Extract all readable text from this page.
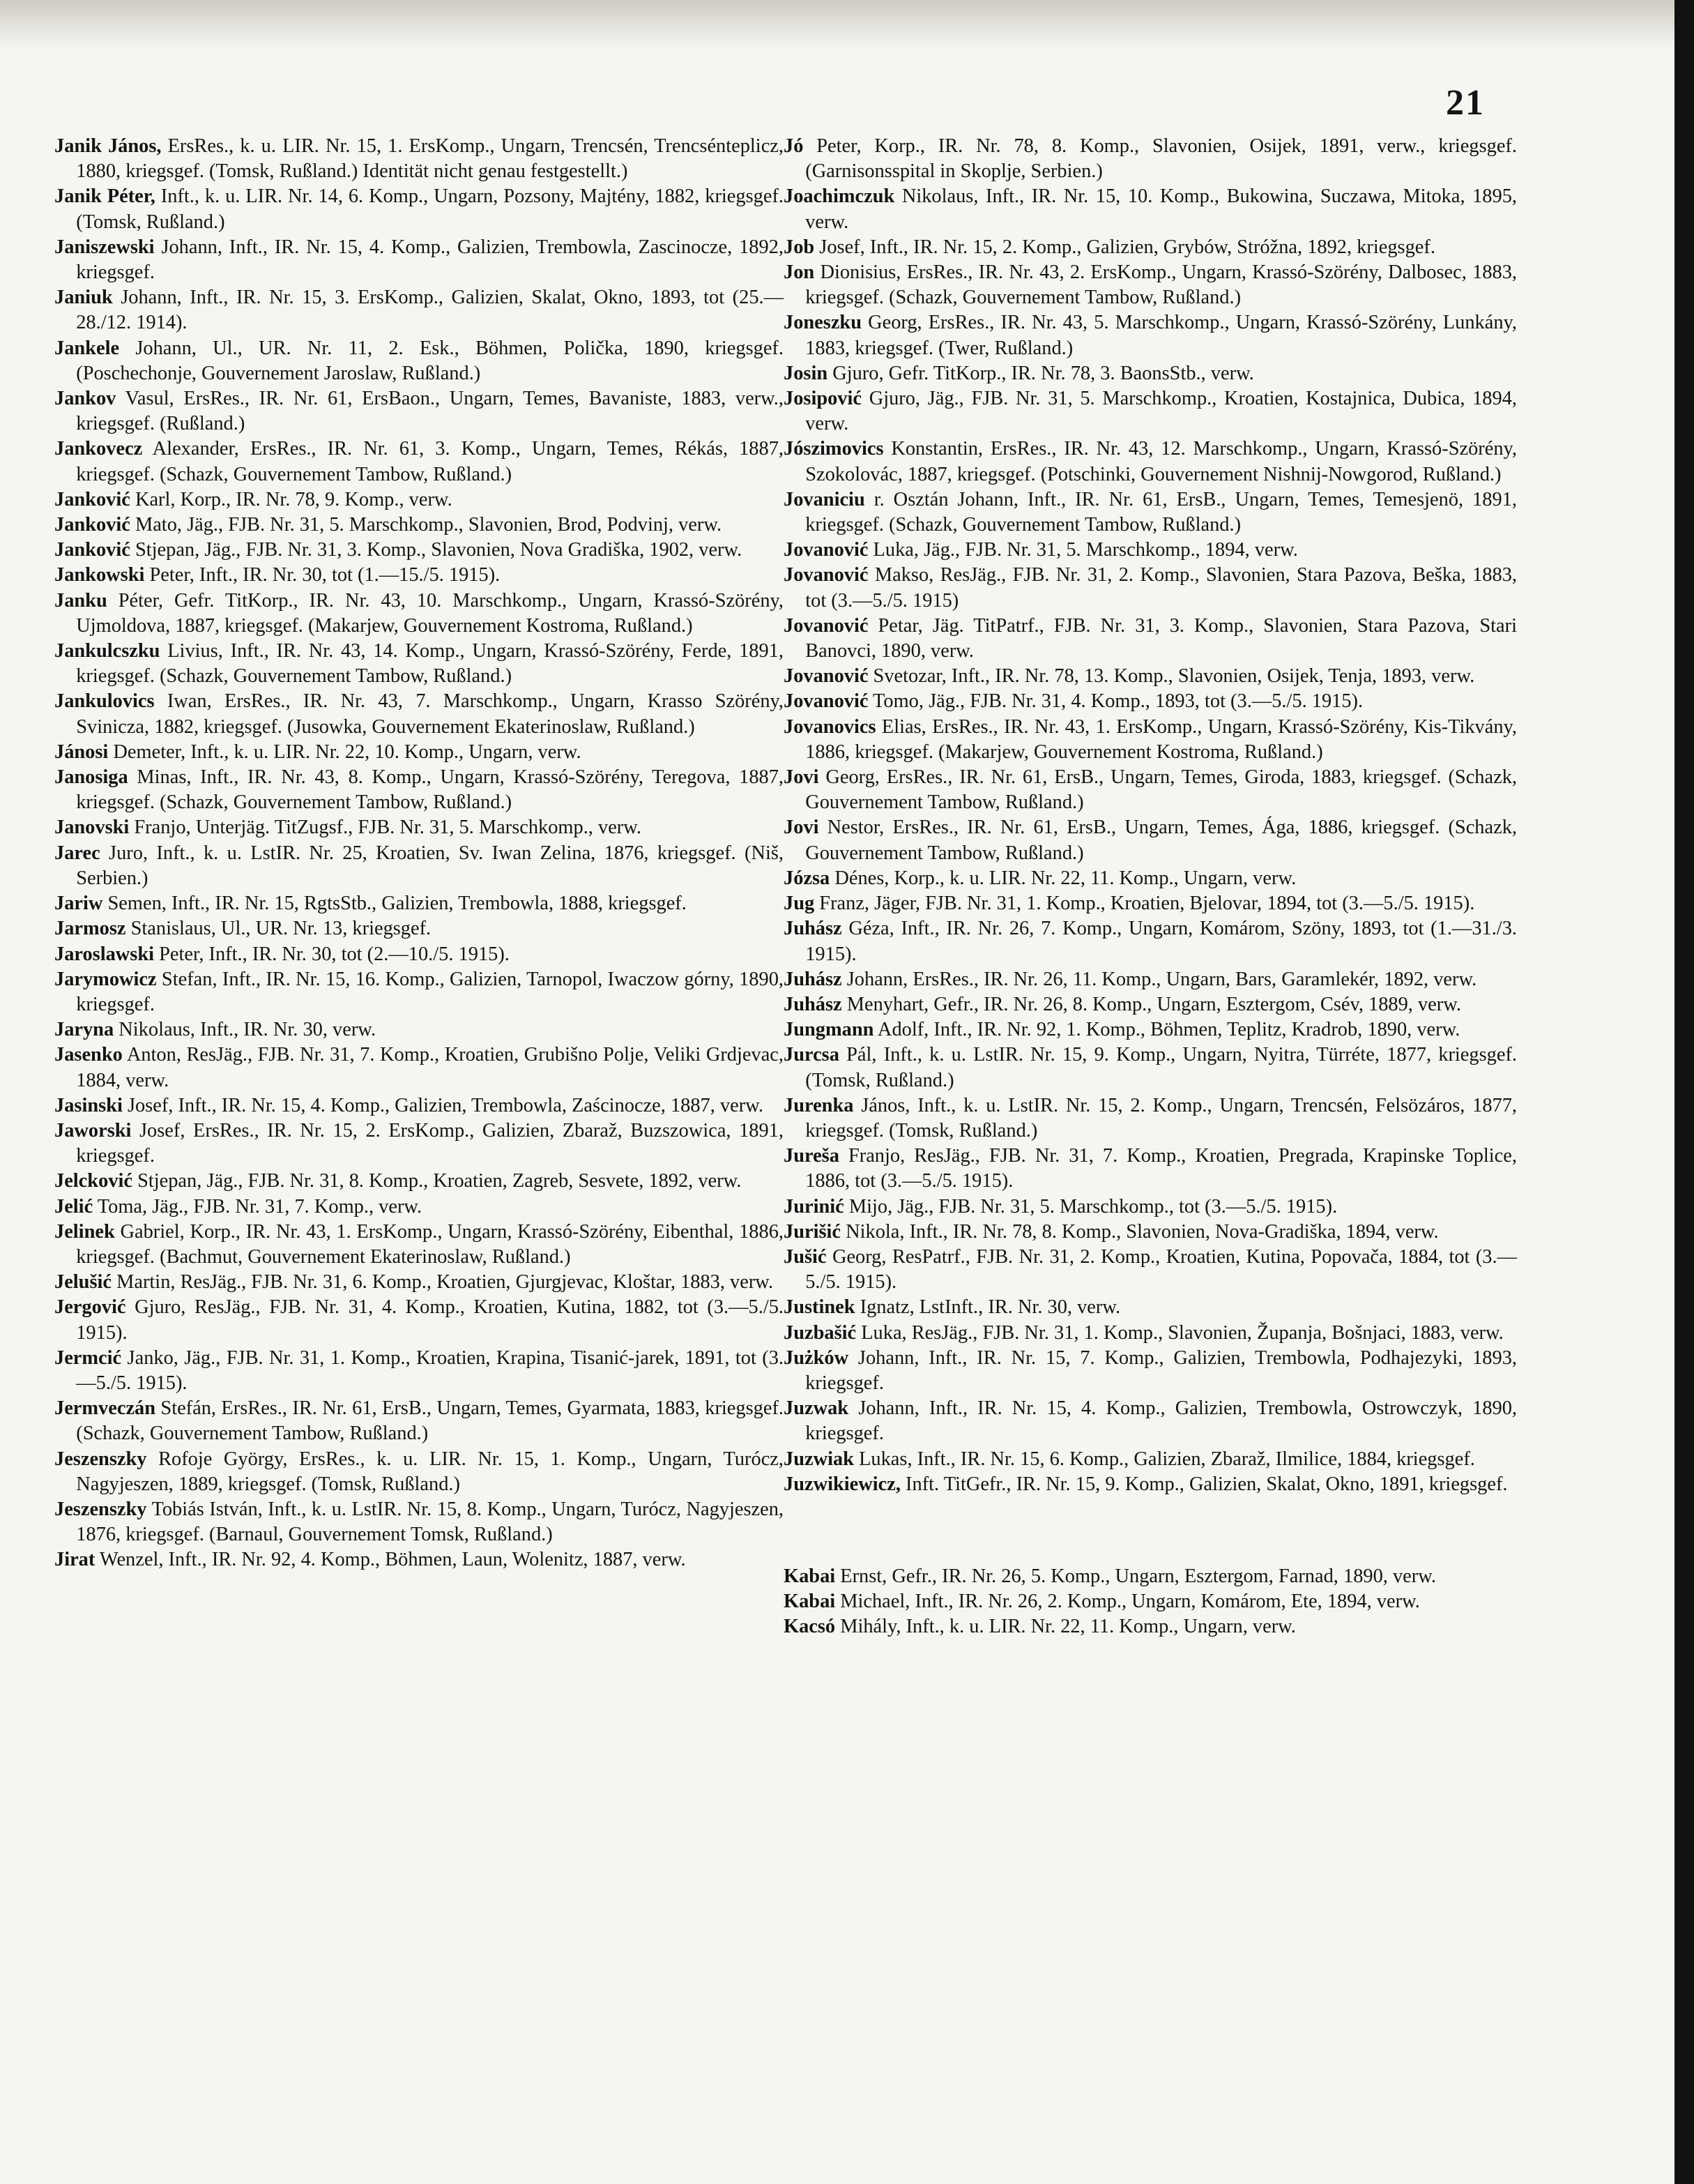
21

Janik János, ErsRes., k. u. LIR. Nr. 15, 1. ErsKomp., Ungarn, Trencsén, Trencsénteplicz, 1880, kriegsgef. (Tomsk, Rußland.) Identität nicht genau festgestellt.)

Janik Péter, Inft., k. u. LIR. Nr. 14, 6. Komp., Ungarn, Pozsony, Majtény, 1882, kriegsgef. (Tomsk, Rußland.)

Janiszewski Johann, Inft., IR. Nr. 15, 4. Komp., Galizien, Trembowla, Zascinocze, 1892, kriegsgef.

Janiuk Johann, Inft., IR. Nr. 15, 3. ErsKomp., Galizien, Skalat, Okno, 1893, tot (25.—28./12. 1914).

Jankele Johann, Ul., UR. Nr. 11, 2. Esk., Böhmen, Polička, 1890, kriegsgef. (Poschechonje, Gouvernement Jaroslaw, Rußland.)

Jankov Vasul, ErsRes., IR. Nr. 61, ErsBaon., Ungarn, Temes, Bavaniste, 1883, verw., kriegsgef. (Rußland.)

Jankovecz Alexander, ErsRes., IR. Nr. 61, 3. Komp., Ungarn, Temes, Rékás, 1887, kriegsgef. (Schazk, Gouvernement Tambow, Rußland.)

Janković Karl, Korp., IR. Nr. 78, 9. Komp., verw.

Janković Mato, Jäg., FJB. Nr. 31, 5. Marschkomp., Slavonien, Brod, Podvinj, verw.

Janković Stjepan, Jäg., FJB. Nr. 31, 3. Komp., Slavonien, Nova Gradiška, 1902, verw.

Jankowski Peter, Inft., IR. Nr. 30, tot (1.—15./5. 1915).

Janku Péter, Gefr. TitKorp., IR. Nr. 43, 10. Marschkomp., Ungarn, Krassó-Szörény, Ujmoldova, 1887, kriegsgef. (Makarjew, Gouvernement Kostroma, Rußland.)

Jankulcszku Livius, Inft., IR. Nr. 43, 14. Komp., Ungarn, Krassó-Szörény, Ferde, 1891, kriegsgef. (Schazk, Gouvernement Tambow, Rußland.)

Jankulovics Iwan, ErsRes., IR. Nr. 43, 7. Marschkomp., Ungarn, Krasso Szörény, Svinicza, 1882, kriegsgef. (Jusowka, Gouvernement Ekaterinoslaw, Rußland.)

Jánosi Demeter, Inft., k. u. LIR. Nr. 22, 10. Komp., Ungarn, verw.

Janosiga Minas, Inft., IR. Nr. 43, 8. Komp., Ungarn, Krassó-Szörény, Teregova, 1887, kriegsgef. (Schazk, Gouvernement Tambow, Rußland.)

Janovski Franjo, Unterjäg. TitZugsf., FJB. Nr. 31, 5. Marschkomp., verw.

Jarec Juro, Inft., k. u. LstIR. Nr. 25, Kroatien, Sv. Iwan Zelina, 1876, kriegsgef. (Niš, Serbien.)

Jariw Semen, Inft., IR. Nr. 15, RgtsStb., Galizien, Trembowla, 1888, kriegsgef.

Jarmosz Stanislaus, Ul., UR. Nr. 13, kriegsgef.

Jaroslawski Peter, Inft., IR. Nr. 30, tot (2.—10./5. 1915).

Jarymowicz Stefan, Inft., IR. Nr. 15, 16. Komp., Galizien, Tarnopol, Iwaczow górny, 1890, kriegsgef.

Jaryna Nikolaus, Inft., IR. Nr. 30, verw.

Jasenko Anton, ResJäg., FJB. Nr. 31, 7. Komp., Kroatien, Grubišno Polje, Veliki Grdjevac, 1884, verw.

Jasinski Josef, Inft., IR. Nr. 15, 4. Komp., Galizien, Trembowla, Zaścinocze, 1887, verw.

Jaworski Josef, ErsRes., IR. Nr. 15, 2. ErsKomp., Galizien, Zbaraž, Buzszowica, 1891, kriegsgef.

Jelcković Stjepan, Jäg., FJB. Nr. 31, 8. Komp., Kroatien, Zagreb, Sesvete, 1892, verw.

Jelić Toma, Jäg., FJB. Nr. 31, 7. Komp., verw.

Jelinek Gabriel, Korp., IR. Nr. 43, 1. ErsKomp., Ungarn, Krassó-Szörény, Eibenthal, 1886, kriegsgef. (Bachmut, Gouvernement Ekaterinoslaw, Rußland.)

Jelušić Martin, ResJäg., FJB. Nr. 31, 6. Komp., Kroatien, Gjurgjevac, Kloštar, 1883, verw.

Jergović Gjuro, ResJäg., FJB. Nr. 31, 4. Komp., Kroatien, Kutina, 1882, tot (3.—5./5. 1915).

Jermcić Janko, Jäg., FJB. Nr. 31, 1. Komp., Kroatien, Krapina, Tisanić-jarek, 1891, tot (3.—5./5. 1915).

Jermveczán Stefán, ErsRes., IR. Nr. 61, ErsB., Ungarn, Temes, Gyarmata, 1883, kriegsgef. (Schazk, Gouvernement Tambow, Rußland.)

Jeszenszky Rofoje György, ErsRes., k. u. LIR. Nr. 15, 1. Komp., Ungarn, Turócz, Nagyjeszen, 1889, kriegsgef. (Tomsk, Rußland.)

Jeszenszky Tobiás István, Inft., k. u. LstIR. Nr. 15, 8. Komp., Ungarn, Turócz, Nagyjeszen, 1876, kriegsgef. (Barnaul, Gouvernement Tomsk, Rußland.)

Jirat Wenzel, Inft., IR. Nr. 92, 4. Komp., Böhmen, Laun, Wolenitz, 1887, verw.

Jó Peter, Korp., IR. Nr. 78, 8. Komp., Slavonien, Osijek, 1891, verw., kriegsgef. (Garnisonsspital in Skoplje, Serbien.)

Joachimczuk Nikolaus, Inft., IR. Nr. 15, 10. Komp., Bukowina, Suczawa, Mitoka, 1895, verw.

Job Josef, Inft., IR. Nr. 15, 2. Komp., Galizien, Grybów, Stróžna, 1892, kriegsgef.

Jon Dionisius, ErsRes., IR. Nr. 43, 2. ErsKomp., Ungarn, Krassó-Szörény, Dalbosec, 1883, kriegsgef. (Schazk, Gouvernement Tambow, Rußland.)

Joneszku Georg, ErsRes., IR. Nr. 43, 5. Marschkomp., Ungarn, Krassó-Szörény, Lunkány, 1883, kriegsgef. (Twer, Rußland.)

Josin Gjuro, Gefr. TitKorp., IR. Nr. 78, 3. BaonsStb., verw.

Josipović Gjuro, Jäg., FJB. Nr. 31, 5. Marschkomp., Kroatien, Kostajnica, Dubica, 1894, verw.

Jószimovics Konstantin, ErsRes., IR. Nr. 43, 12. Marschkomp., Ungarn, Krassó-Szörény, Szokolovác, 1887, kriegsgef. (Potschinki, Gouvernement Nishnij-Nowgorod, Rußland.)

Jovaniciu r. Osztán Johann, Inft., IR. Nr. 61, ErsB., Ungarn, Temes, Temesjenö, 1891, kriegsgef. (Schazk, Gouvernement Tambow, Rußland.)

Jovanović Luka, Jäg., FJB. Nr. 31, 5. Marschkomp., 1894, verw.

Jovanović Makso, ResJäg., FJB. Nr. 31, 2. Komp., Slavonien, Stara Pazova, Beška, 1883, tot (3.—5./5. 1915)

Jovanović Petar, Jäg. TitPatrf., FJB. Nr. 31, 3. Komp., Slavonien, Stara Pazova, Stari Banovci, 1890, verw.

Jovanović Svetozar, Inft., IR. Nr. 78, 13. Komp., Slavonien, Osijek, Tenja, 1893, verw.

Jovanović Tomo, Jäg., FJB. Nr. 31, 4. Komp., 1893, tot (3.—5./5. 1915).

Jovanovics Elias, ErsRes., IR. Nr. 43, 1. ErsKomp., Ungarn, Krassó-Szörény, Kis-Tikvány, 1886, kriegsgef. (Makarjew, Gouvernement Kostroma, Rußland.)

Jovi Georg, ErsRes., IR. Nr. 61, ErsB., Ungarn, Temes, Giroda, 1883, kriegsgef. (Schazk, Gouvernement Tambow, Rußland.)

Jovi Nestor, ErsRes., IR. Nr. 61, ErsB., Ungarn, Temes, Ága, 1886, kriegsgef. (Schazk, Gouvernement Tambow, Rußland.)

Józsa Dénes, Korp., k. u. LIR. Nr. 22, 11. Komp., Ungarn, verw.

Jug Franz, Jäger, FJB. Nr. 31, 1. Komp., Kroatien, Bjelovar, 1894, tot (3.—5./5. 1915).

Juhász Géza, Inft., IR. Nr. 26, 7. Komp., Ungarn, Komárom, Szöny, 1893, tot (1.—31./3. 1915).

Juhász Johann, ErsRes., IR. Nr. 26, 11. Komp., Ungarn, Bars, Garamlekér, 1892, verw.

Juhász Menyhart, Gefr., IR. Nr. 26, 8. Komp., Ungarn, Esztergom, Csév, 1889, verw.

Jungmann Adolf, Inft., IR. Nr. 92, 1. Komp., Böhmen, Teplitz, Kradrob, 1890, verw.

Jurcsa Pál, Inft., k. u. LstIR. Nr. 15, 9. Komp., Ungarn, Nyitra, Türréte, 1877, kriegsgef. (Tomsk, Rußland.)

Jurenka János, Inft., k. u. LstIR. Nr. 15, 2. Komp., Ungarn, Trencsén, Felsözáros, 1877, kriegsgef. (Tomsk, Rußland.)

Jureša Franjo, ResJäg., FJB. Nr. 31, 7. Komp., Kroatien, Pregrada, Krapinske Toplice, 1886, tot (3.—5./5. 1915).

Jurinić Mijo, Jäg., FJB. Nr. 31, 5. Marschkomp., tot (3.—5./5. 1915).

Jurišić Nikola, Inft., IR. Nr. 78, 8. Komp., Slavonien, Nova-Gradiška, 1894, verw.

Jušić Georg, ResPatrf., FJB. Nr. 31, 2. Komp., Kroatien, Kutina, Popovača, 1884, tot (3.—5./5. 1915).

Justinek Ignatz, LstInft., IR. Nr. 30, verw.

Juzbašić Luka, ResJäg., FJB. Nr. 31, 1. Komp., Slavonien, Županja, Bošnjaci, 1883, verw.

Jużków Johann, Inft., IR. Nr. 15, 7. Komp., Galizien, Trembowla, Podhajezyki, 1893, kriegsgef.

Juzwak Johann, Inft., IR. Nr. 15, 4. Komp., Galizien, Trembowla, Ostrowczyk, 1890, kriegsgef.

Juzwiak Lukas, Inft., IR. Nr. 15, 6. Komp., Galizien, Zbaraž, Ilmilice, 1884, kriegsgef.

Juzwikiewicz, Inft. TitGefr., IR. Nr. 15, 9. Komp., Galizien, Skalat, Okno, 1891, kriegsgef.

Kabai Ernst, Gefr., IR. Nr. 26, 5. Komp., Ungarn, Esztergom, Farnad, 1890, verw.

Kabai Michael, Inft., IR. Nr. 26, 2. Komp., Ungarn, Komárom, Ete, 1894, verw.

Kacsó Mihály, Inft., k. u. LIR. Nr. 22, 11. Komp., Ungarn, verw.
